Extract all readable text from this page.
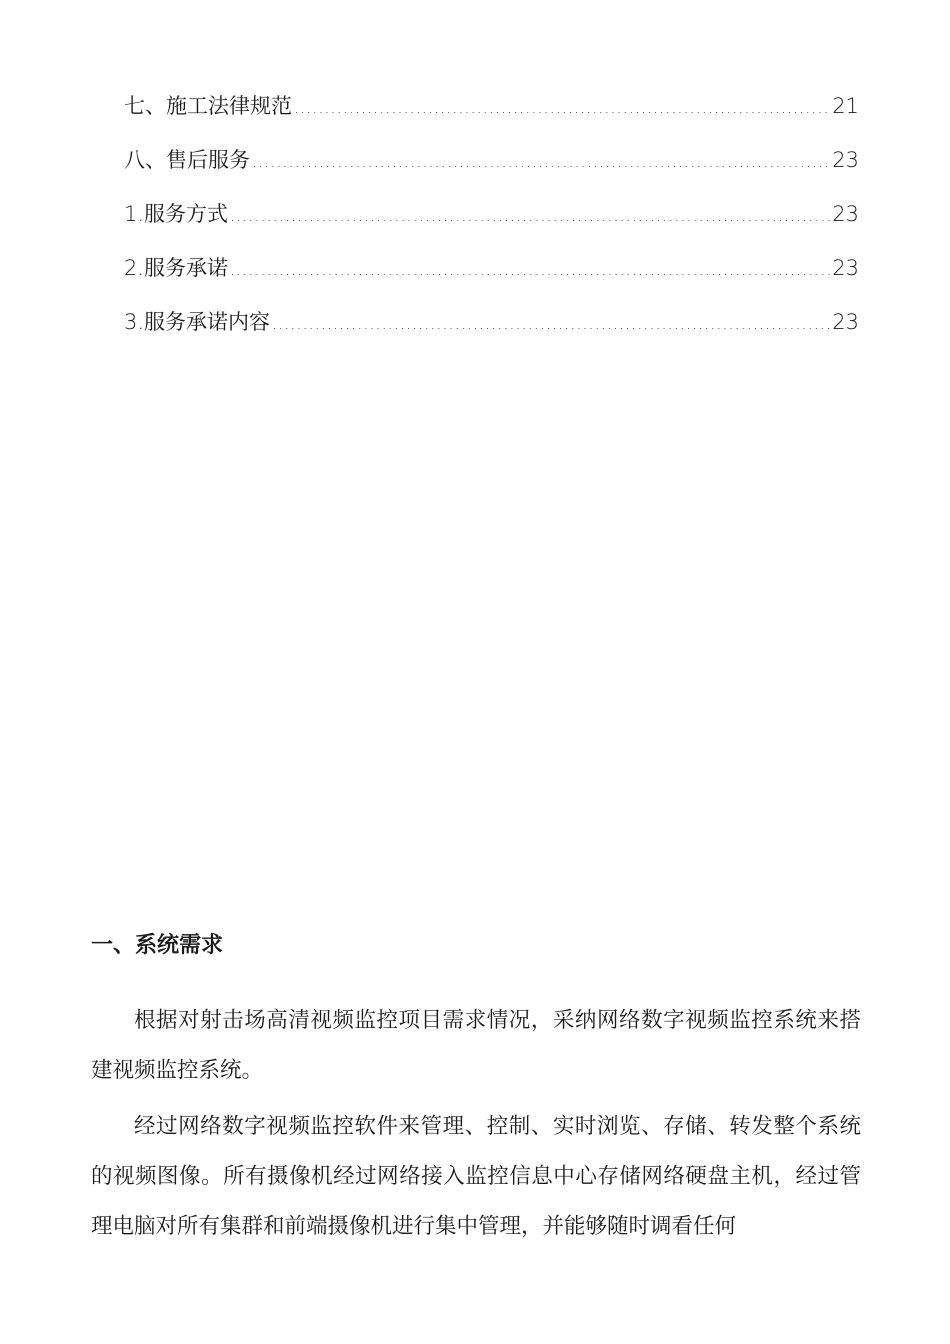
七、施工法律规范 .....	21
八、售后服务 .....	23
1.服务方式 .....	23
2.服务承诺 .....	23
3.服务承诺内容 .....	23
一、系统需求

根据对射击场高清视频监控项目需求情况，采纳网络数字视频监控系统来搭建视频监控系统。

经过网络数字视频监控软件来管理、控制、实时浏览、存储、转发整个系统的视频图像。所有摄像机经过网络接入监控信息中心存储网络硬盘主机，经过管理电脑对所有集群和前端摄像机进行集中管理，并能够随时调看任何
